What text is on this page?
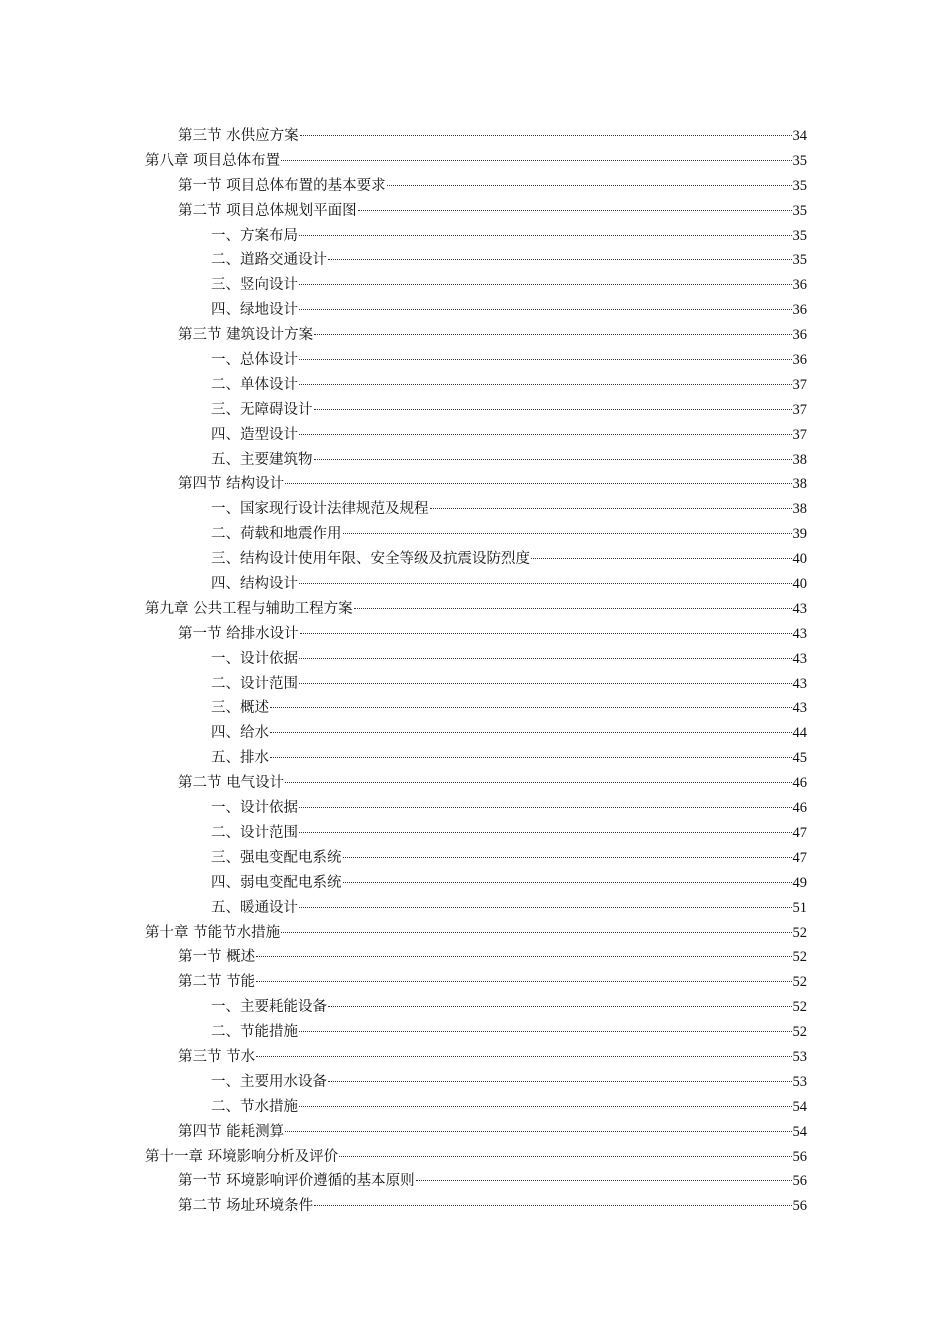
第三节 水供应方案	34
第八章 项目总体布置	35
第一节 项目总体布置的基本要求	35
第二节 项目总体规划平面图	35
一、方案布局	35
二、道路交通设计	35
三、竖向设计	36
四、绿地设计	36
第三节 建筑设计方案	36
一、总体设计	36
二、单体设计	37
三、无障碍设计	37
四、造型设计	37
五、主要建筑物	38
第四节 结构设计	38
一、国家现行设计法律规范及规程	38
二、荷载和地震作用	39
三、结构设计使用年限、安全等级及抗震设防烈度	40
四、结构设计	40
第九章 公共工程与辅助工程方案	43
第一节 给排水设计	43
一、设计依据	43
二、设计范围	43
三、概述	43
四、给水	44
五、排水	45
第二节 电气设计	46
一、设计依据	46
二、设计范围	47
三、强电变配电系统	47
四、弱电变配电系统	49
五、暖通设计	51
第十章 节能节水措施	52
第一节 概述	52
第二节 节能	52
一、主要耗能设备	52
二、节能措施	52
第三节 节水	53
一、主要用水设备	53
二、节水措施	54
第四节 能耗测算	54
第十一章 环境影响分析及评价	56
第一节 环境影响评价遵循的基本原则	56
第二节 场址环境条件	56
